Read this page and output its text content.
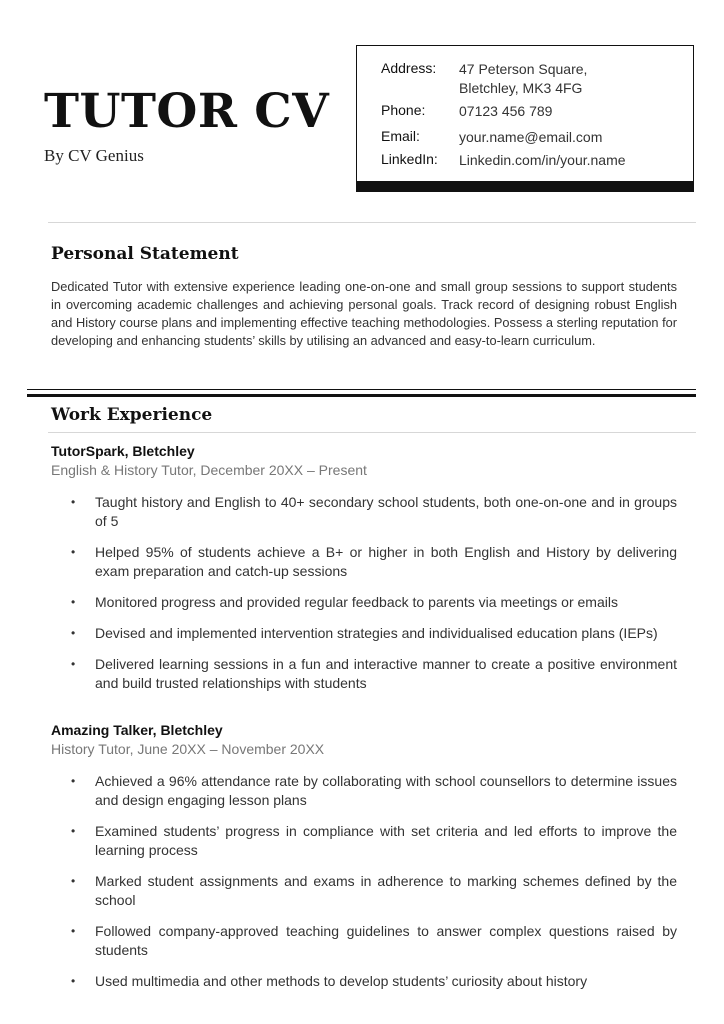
TUTOR CV
By CV Genius
Address:	47 Peterson Square,
Bletchley, MK3 4FG
Phone:	07123 456 789
Email:	your.name@email.com
LinkedIn:	Linkedin.com/in/your.name
Personal Statement

Dedicated Tutor with extensive experience leading one-on-one and small group sessions to support students in overcoming academic challenges and achieving personal goals. Track record of designing robust English and History course plans and implementing effective teaching methodologies. Possess a sterling reputation for developing and enhancing students’ skills by utilising an advanced and easy-to-learn curriculum.

Work Experience
TutorSpark, Bletchley
English & History Tutor, December 20XX – Present
• Taught history and English to 40+ secondary school students, both one-on-one and in groups of 5
• Helped 95% of students achieve a B+ or higher in both English and History by delivering exam preparation and catch-up sessions
• Monitored progress and provided regular feedback to parents via meetings or emails
• Devised and implemented intervention strategies and individualised education plans (IEPs)
• Delivered learning sessions in a fun and interactive manner to create a positive environment and build trusted relationships with students
Amazing Talker, Bletchley
History Tutor, June 20XX – November 20XX
• Achieved a 96% attendance rate by collaborating with school counsellors to determine issues and design engaging lesson plans
• Examined students’ progress in compliance with set criteria and led efforts to improve the learning process
• Marked student assignments and exams in adherence to marking schemes defined by the school
• Followed company-approved teaching guidelines to answer complex questions raised by students
• Used multimedia and other methods to develop students’ curiosity about history
